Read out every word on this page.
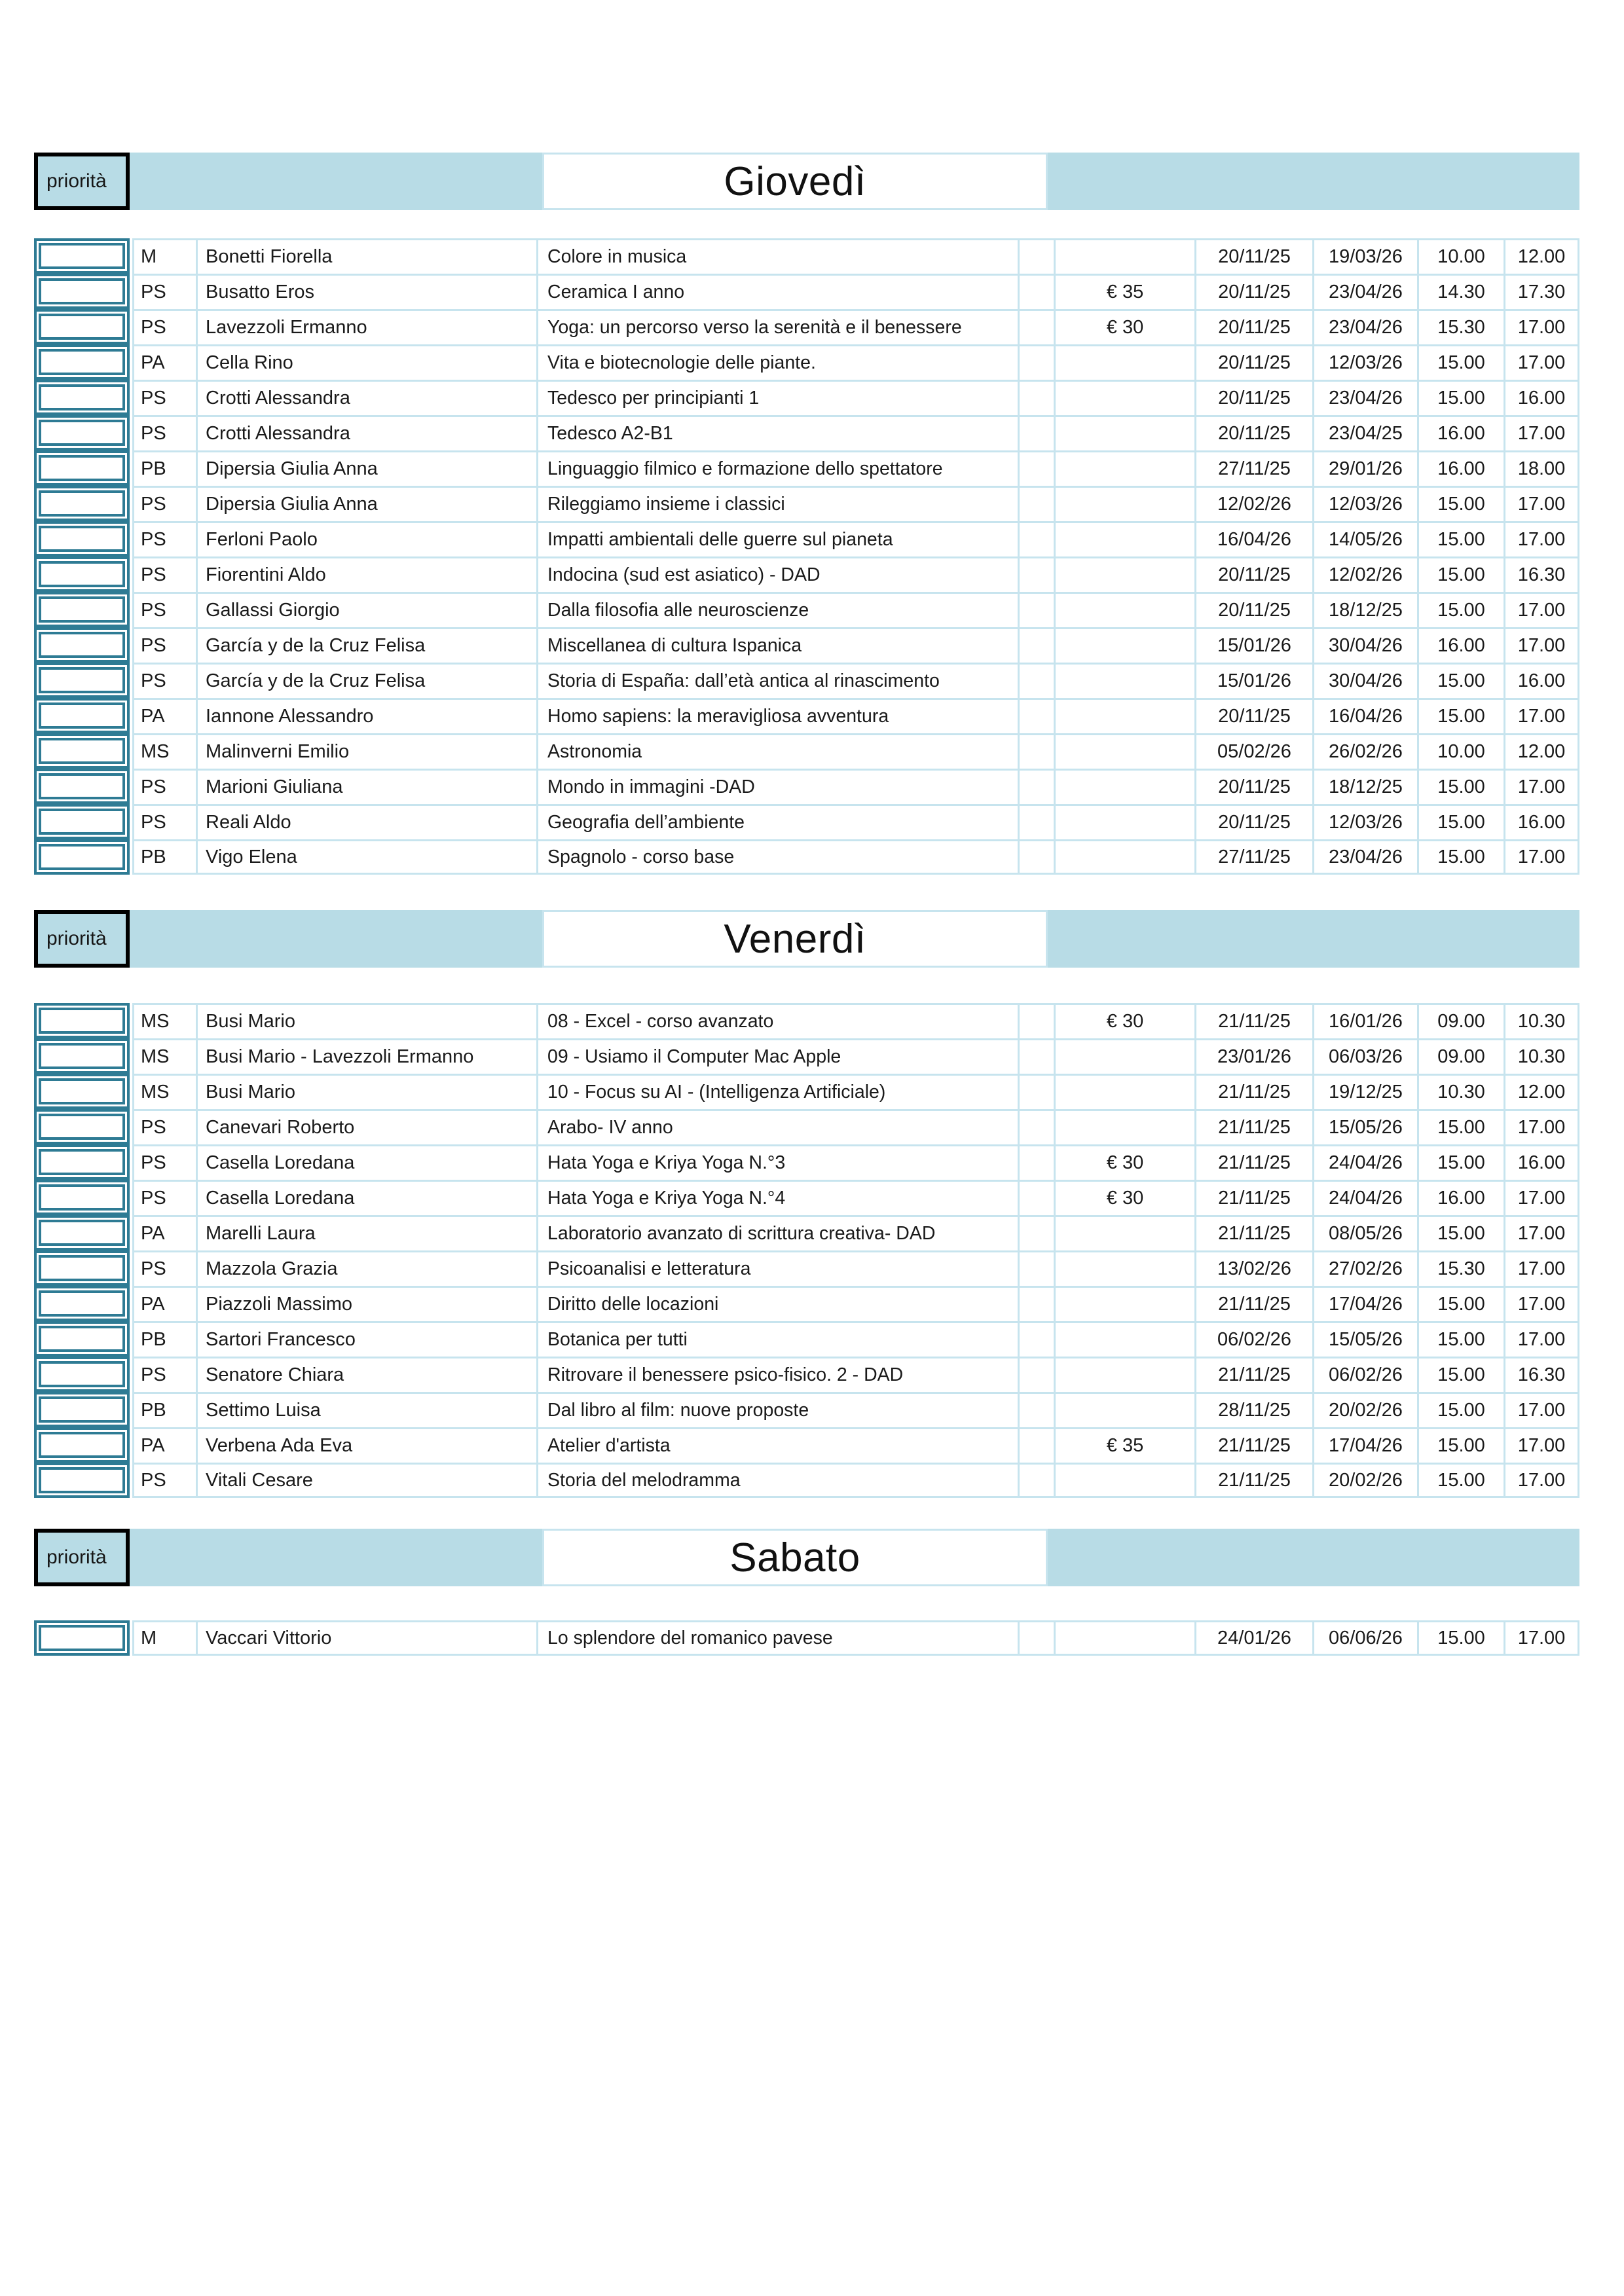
priorità	Giovedì
M	Bonetti Fiorella	Colore in musica	20/11/25	19/03/26	10.00	12.00
PS	Busatto Eros	Ceramica I anno	€ 35	20/11/25	23/04/26	14.30	17.30
PS	Lavezzoli Ermanno	Yoga: un percorso verso la serenità e il benessere	€ 30	20/11/25	23/04/26	15.30	17.00
PA	Cella Rino	Vita e biotecnologie delle piante.	20/11/25	12/03/26	15.00	17.00
PS	Crotti Alessandra	Tedesco per principianti 1	20/11/25	23/04/26	15.00	16.00
PS	Crotti Alessandra	Tedesco A2-B1	20/11/25	23/04/25	16.00	17.00
PB	Dipersia Giulia Anna	Linguaggio filmico e formazione dello spettatore	27/11/25	29/01/26	16.00	18.00
PS	Dipersia Giulia Anna	Rileggiamo insieme i classici	12/02/26	12/03/26	15.00	17.00
PS	Ferloni Paolo	Impatti ambientali delle guerre sul pianeta	16/04/26	14/05/26	15.00	17.00
PS	Fiorentini Aldo	Indocina (sud est asiatico) - DAD	20/11/25	12/02/26	15.00	16.30
PS	Gallassi Giorgio	Dalla filosofia alle neuroscienze	20/11/25	18/12/25	15.00	17.00
PS	García y de la Cruz Felisa	Miscellanea di cultura Ispanica	15/01/26	30/04/26	16.00	17.00
PS	García y de la Cruz Felisa	Storia di España: dall’età antica al rinascimento	15/01/26	30/04/26	15.00	16.00
PA	Iannone Alessandro	Homo sapiens: la meravigliosa avventura	20/11/25	16/04/26	15.00	17.00
MS	Malinverni Emilio	Astronomia	05/02/26	26/02/26	10.00	12.00
PS	Marioni Giuliana	Mondo in immagini -DAD	20/11/25	18/12/25	15.00	17.00
PS	Reali Aldo	Geografia dell’ambiente	20/11/25	12/03/26	15.00	16.00
PB	Vigo Elena	Spagnolo - corso base	27/11/25	23/04/26	15.00	17.00
priorità	Venerdì
MS	Busi Mario	08 - Excel - corso avanzato	€ 30	21/11/25	16/01/26	09.00	10.30
MS	Busi Mario - Lavezzoli Ermanno	09 - Usiamo il Computer Mac Apple	23/01/26	06/03/26	09.00	10.30
MS	Busi Mario	10 - Focus su AI - (Intelligenza Artificiale)	21/11/25	19/12/25	10.30	12.00
PS	Canevari Roberto	Arabo- IV anno	21/11/25	15/05/26	15.00	17.00
PS	Casella Loredana	Hata Yoga e Kriya Yoga N.°3	€ 30	21/11/25	24/04/26	15.00	16.00
PS	Casella Loredana	Hata Yoga e Kriya Yoga N.°4	€ 30	21/11/25	24/04/26	16.00	17.00
PA	Marelli Laura	Laboratorio avanzato di scrittura creativa- DAD	21/11/25	08/05/26	15.00	17.00
PS	Mazzola Grazia	Psicoanalisi e letteratura	13/02/26	27/02/26	15.30	17.00
PA	Piazzoli Massimo	Diritto delle locazioni	21/11/25	17/04/26	15.00	17.00
PB	Sartori Francesco	Botanica per tutti	06/02/26	15/05/26	15.00	17.00
PS	Senatore Chiara	Ritrovare il benessere psico-fisico. 2 - DAD	21/11/25	06/02/26	15.00	16.30
PB	Settimo Luisa	Dal libro al film: nuove proposte	28/11/25	20/02/26	15.00	17.00
PA	Verbena Ada Eva	Atelier d'artista	€ 35	21/11/25	17/04/26	15.00	17.00
PS	Vitali Cesare	Storia del melodramma	21/11/25	20/02/26	15.00	17.00
priorità	Sabato
M	Vaccari Vittorio	Lo splendore del romanico pavese	24/01/26	06/06/26	15.00	17.00
